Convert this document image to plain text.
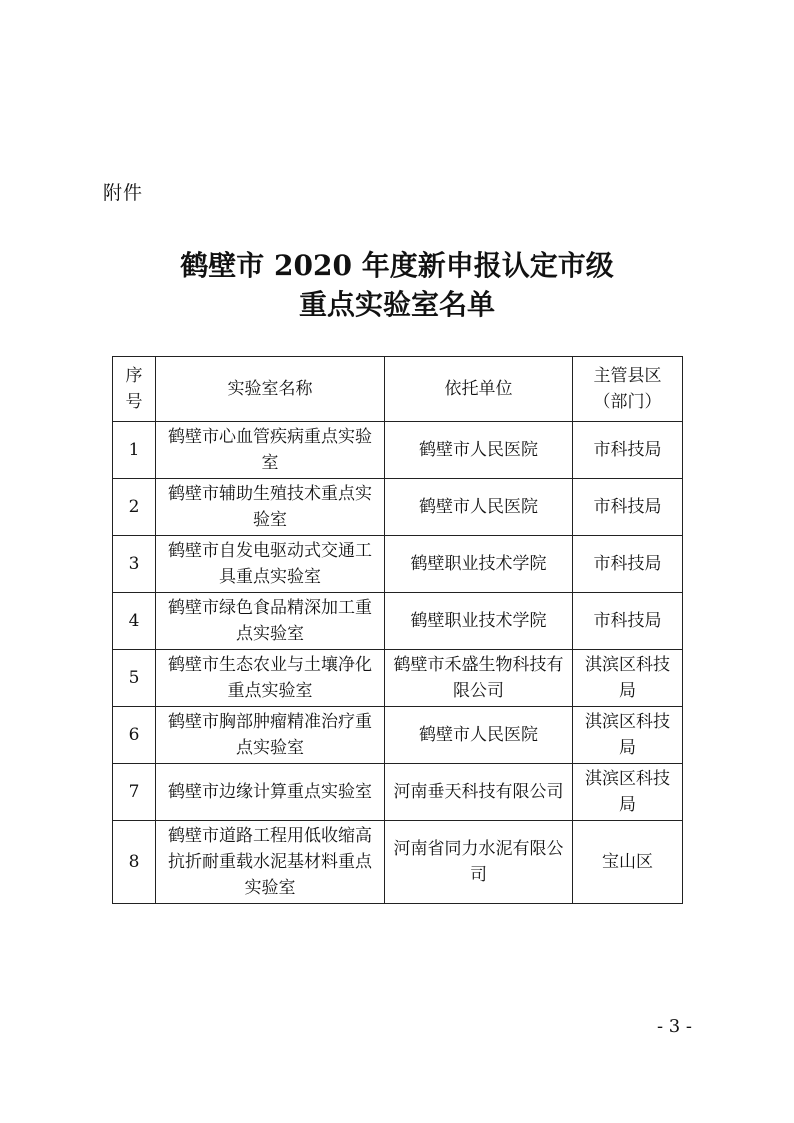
附件
鹤壁市 2020 年度新申报认定市级
重点实验室名单
序号	实验室名称	依托单位	主管县区（部门）
1	鹤壁市心血管疾病重点实验室	鹤壁市人民医院	市科技局
2	鹤壁市辅助生殖技术重点实验室	鹤壁市人民医院	市科技局
3	鹤壁市自发电驱动式交通工具重点实验室	鹤壁职业技术学院	市科技局
4	鹤壁市绿色食品精深加工重点实验室	鹤壁职业技术学院	市科技局
5	鹤壁市生态农业与土壤净化重点实验室	鹤壁市禾盛生物科技有限公司	淇滨区科技局
6	鹤壁市胸部肿瘤精准治疗重点实验室	鹤壁市人民医院	淇滨区科技局
7	鹤壁市边缘计算重点实验室	河南垂天科技有限公司	淇滨区科技局
8	鹤壁市道路工程用低收缩高抗折耐重载水泥基材料重点实验室	河南省同力水泥有限公司	宝山区
- 3 -
